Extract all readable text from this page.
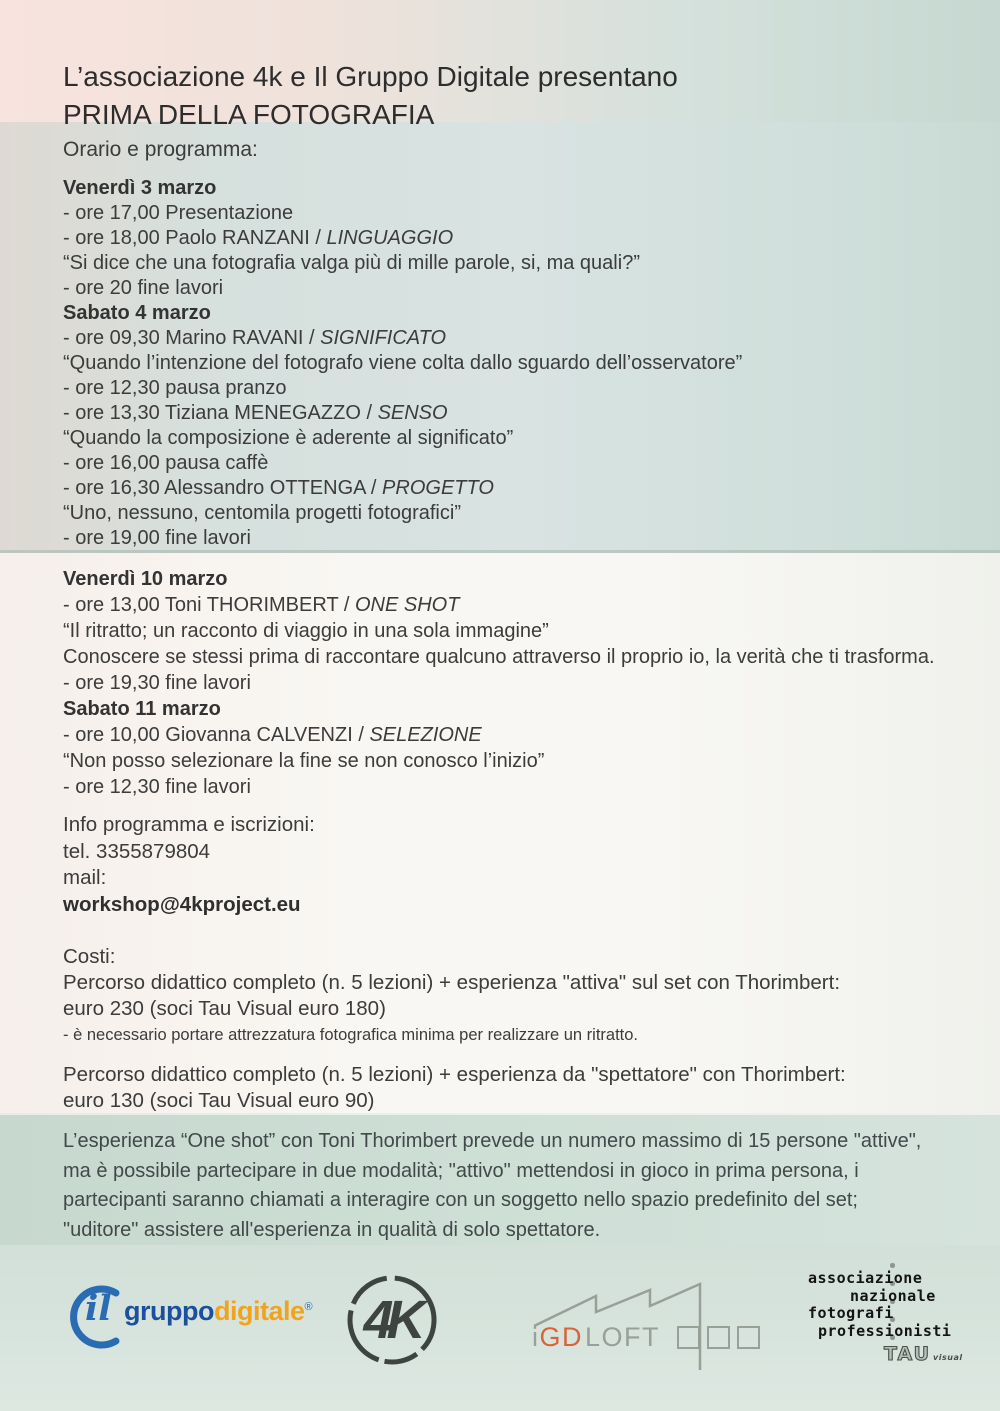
L’associazione 4k e Il Gruppo Digitale presentano
PRIMA DELLA FOTOGRAFIA
Orario e programma:
Venerdì 3 marzo
- ore 17,00 Presentazione
- ore 18,00 Paolo RANZANI / LINGUAGGIO
“Si dice che una fotografia valga più di mille parole, si, ma quali?”
- ore 20 fine lavori
Sabato 4 marzo
- ore 09,30 Marino RAVANI / SIGNIFICATO
“Quando l’intenzione del fotografo viene colta dallo sguardo dell’osservatore”
- ore 12,30 pausa pranzo
- ore 13,30 Tiziana MENEGAZZO / SENSO
“Quando la composizione è aderente al significato”
- ore 16,00 pausa caffè
- ore 16,30 Alessandro OTTENGA / PROGETTO
“Uno, nessuno, centomila progetti fotografici”
- ore 19,00 fine lavori
Venerdì 10 marzo
- ore 13,00 Toni THORIMBERT / ONE SHOT
“Il ritratto; un racconto di viaggio in una sola immagine”
Conoscere se stessi prima di raccontare qualcuno attraverso il proprio io, la verità che ti trasforma.
- ore 19,30 fine lavori
Sabato 11 marzo
- ore 10,00 Giovanna CALVENZI / SELEZIONE
“Non posso selezionare la fine se non conosco l’inizio”
- ore 12,30 fine lavori
Info programma e iscrizioni:
tel. 3355879804
mail:
workshop@4kproject.eu
Costi:
Percorso didattico completo (n. 5 lezioni) + esperienza "attiva" sul set con Thorimbert:
euro 230 (soci Tau Visual euro 180)
- è necessario portare attrezzatura fotografica minima per realizzare un ritratto.
Percorso didattico completo (n. 5 lezioni) + esperienza da "spettatore" con Thorimbert:
euro 130 (soci Tau Visual euro 90)
L’esperienza “One shot” con Toni Thorimbert prevede un numero massimo di 15 persone "attive",
ma è possibile partecipare in due modalità; "attivo" mettendosi in gioco in prima persona, i
partecipanti saranno chiamati a interagire con un soggetto nello spazio predefinito del set;
"uditore" assistere all'esperienza in qualità di solo spettatore.
il gruppodigitale® 4K	i GD LOFT
associazione
nazionale
fotografi
professionisti
TAU visual
